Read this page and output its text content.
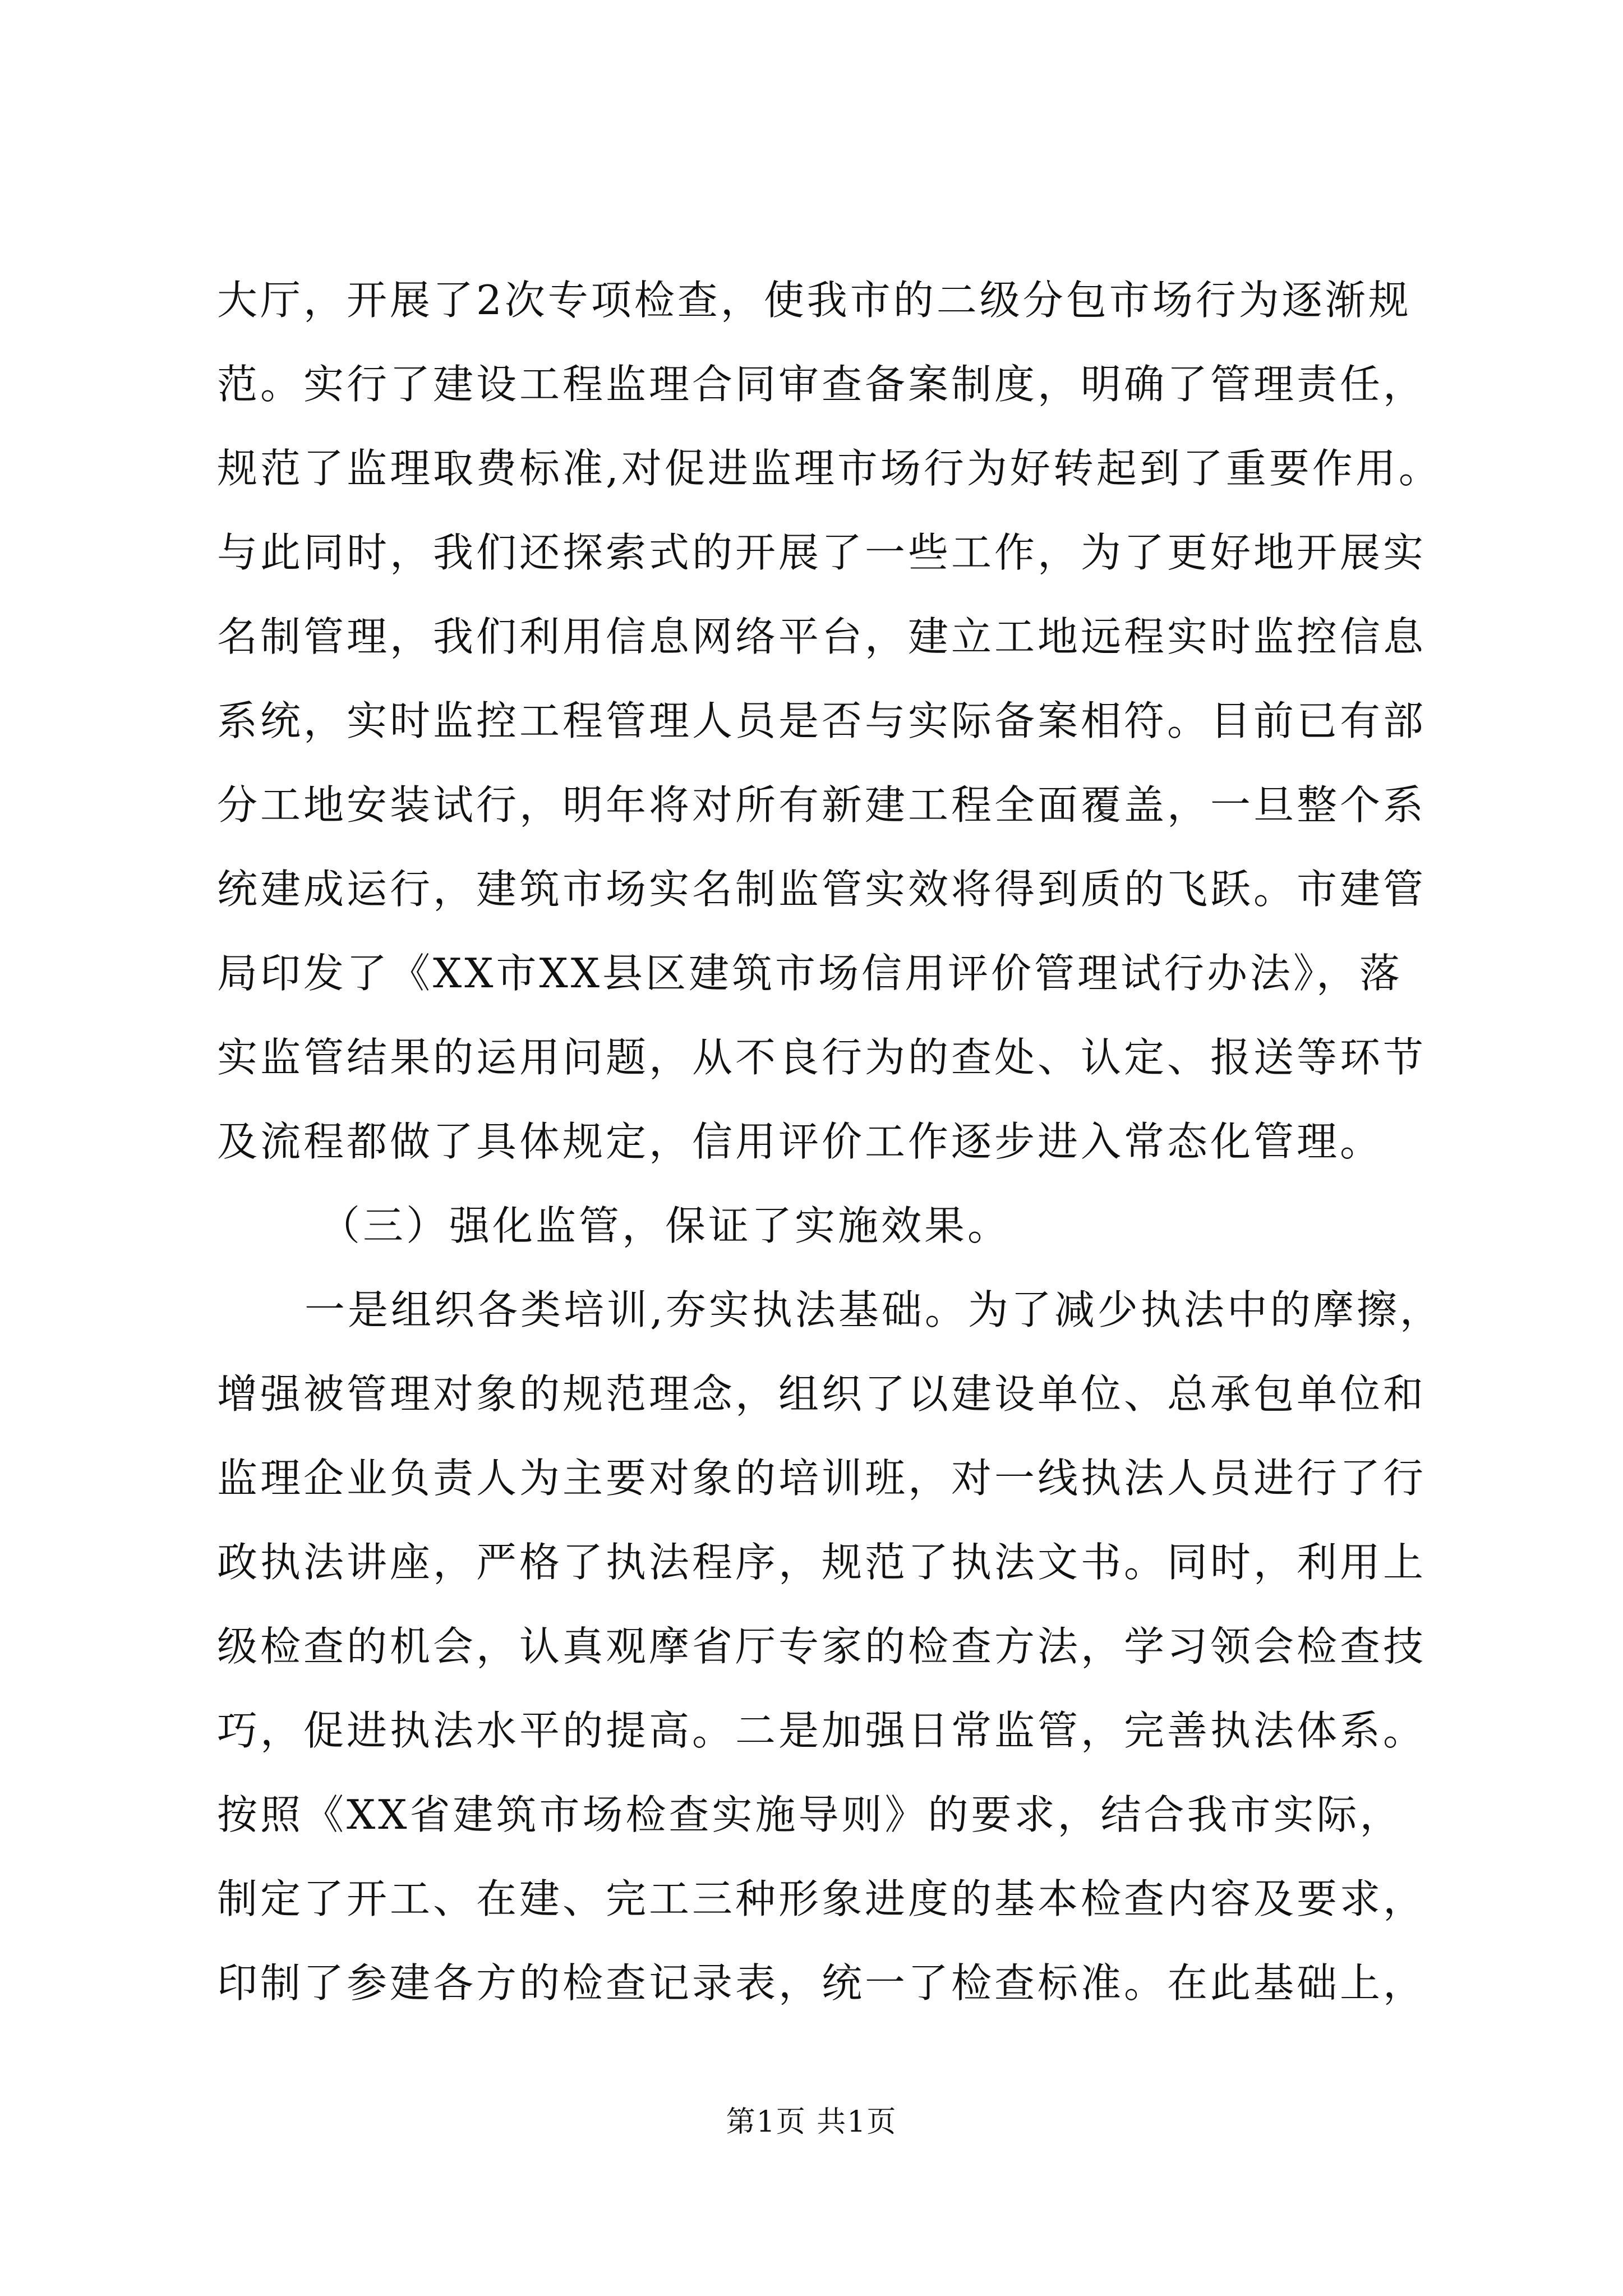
大厅，开展了2次专项检查，使我市的二级分包市场行为逐渐规
范。实行了建设工程监理合同审查备案制度，明确了管理责任，
规范了监理取费标准,对促进监理市场行为好转起到了重要作用。
与此同时，我们还探索式的开展了一些工作，为了更好地开展实
名制管理，我们利用信息网络平台，建立工地远程实时监控信息
系统，实时监控工程管理人员是否与实际备案相符。目前已有部
分工地安装试行，明年将对所有新建工程全面覆盖，一旦整个系
统建成运行，建筑市场实名制监管实效将得到质的飞跃。市建管
局印发了《XX市XX县区建筑市场信用评价管理试行办法》，落
实监管结果的运用问题，从不良行为的查处、认定、报送等环节
及流程都做了具体规定，信用评价工作逐步进入常态化管理。
（三）强化监管，保证了实施效果。
一是组织各类培训,夯实执法基础。为了减少执法中的摩擦，
增强被管理对象的规范理念，组织了以建设单位、总承包单位和
监理企业负责人为主要对象的培训班，对一线执法人员进行了行
政执法讲座，严格了执法程序，规范了执法文书。同时，利用上
级检查的机会，认真观摩省厅专家的检查方法，学习领会检查技
巧，促进执法水平的提高。二是加强日常监管，完善执法体系。
按照《XX省建筑市场检查实施导则》的要求，结合我市实际，
制定了开工、在建、完工三种形象进度的基本检查内容及要求，
印制了参建各方的检查记录表，统一了检查标准。在此基础上，
第1页 共1页
